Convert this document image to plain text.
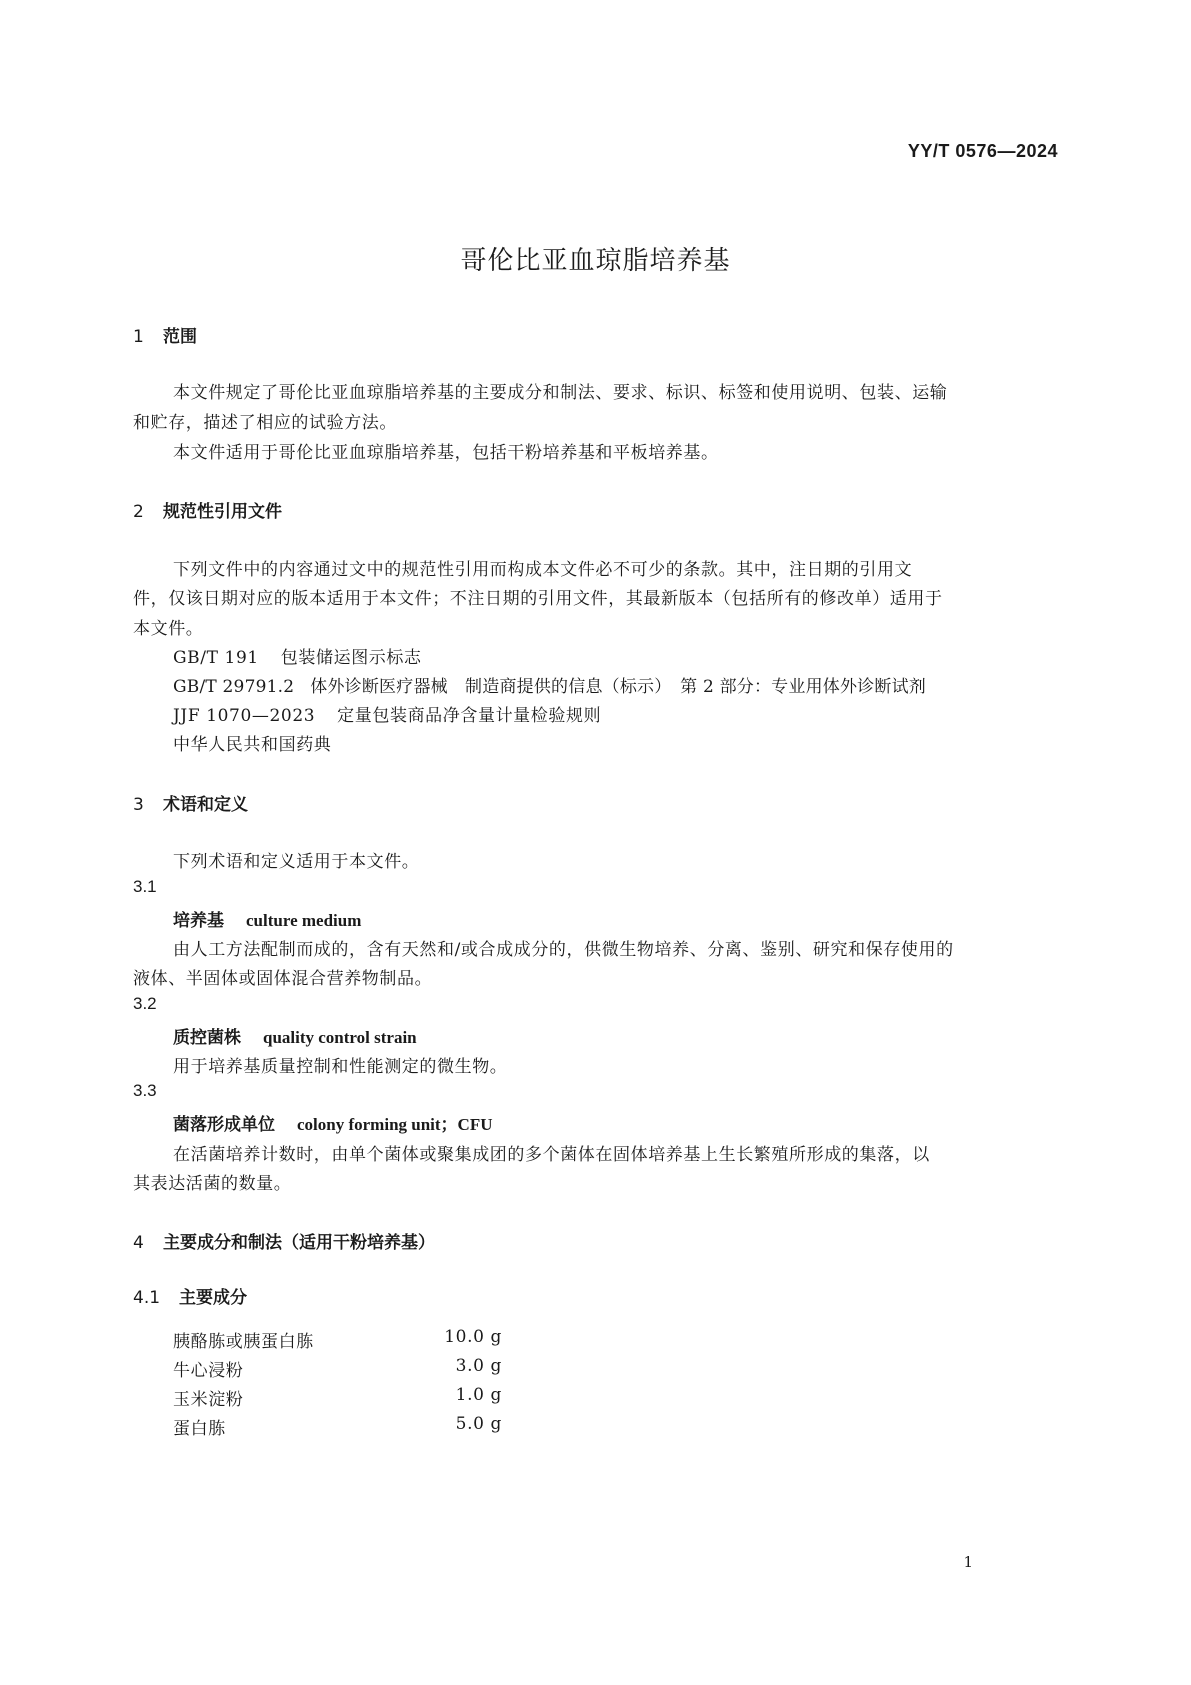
YY/T 0576—2024
哥伦比亚血琼脂培养基
1 范围
本文件规定了哥伦比亚血琼脂培养基的主要成分和制法、要求、标识、标签和使用说明、包装、运输
和贮存，描述了相应的试验方法。
本文件适用于哥伦比亚血琼脂培养基，包括干粉培养基和平板培养基。
2 规范性引用文件
下列文件中的内容通过文中的规范性引用而构成本文件必不可少的条款。其中，注日期的引用文
件，仅该日期对应的版本适用于本文件；不注日期的引用文件，其最新版本（包括所有的修改单）适用于
本文件。
GB/T 191 包装储运图示标志
GB/T 29791.2 体外诊断医疗器械　制造商提供的信息（标示）　第 2 部分：专业用体外诊断试剂
JJF 1070—2023 定量包装商品净含量计量检验规则
中华人民共和国药典
3 术语和定义
下列术语和定义适用于本文件。
3.1
培养基 culture medium
由人工方法配制而成的，含有天然和/或合成成分的，供微生物培养、分离、鉴别、研究和保存使用的
液体、半固体或固体混合营养物制品。
3.2
质控菌株 quality control strain
用于培养基质量控制和性能测定的微生物。
3.3
菌落形成单位 colony forming unit；CFU
在活菌培养计数时，由单个菌体或聚集成团的多个菌体在固体培养基上生长繁殖所形成的集落，以
其表达活菌的数量。
4 主要成分和制法（适用干粉培养基）
4.1 主要成分
胰酪胨或胰蛋白胨	10.0 g
牛心浸粉	3.0 g
玉米淀粉	1.0 g
蛋白胨	5.0 g
1
